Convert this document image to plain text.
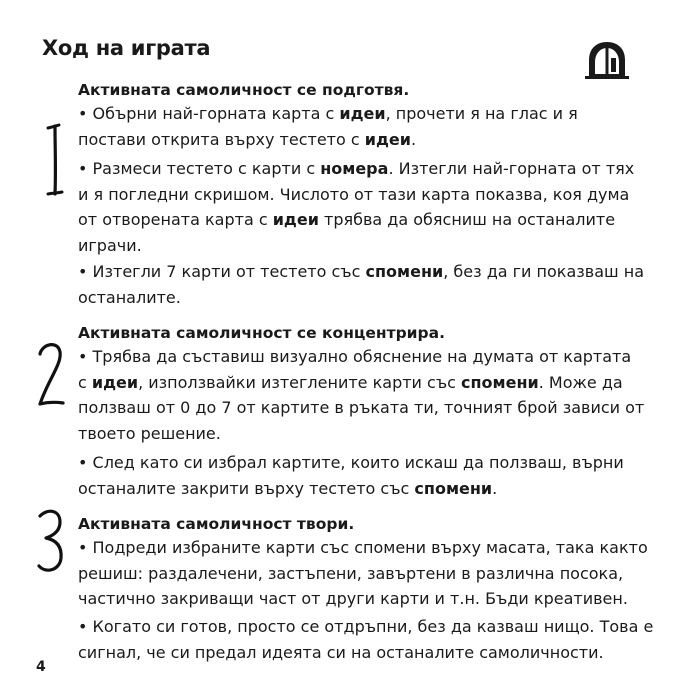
Ход на играта
Активната самоличност се подготвя.
• Обърни най-горната карта с идеи, прочети я на глас и я
постави открита върху тестето с идеи.
• Размеси тестето с карти с номера. Изтегли най-горната от тях
и я погледни скришом. Числото от тази карта показва, коя дума
от отворената карта с идеи трябва да обясниш на останалите
играчи.
• Изтегли 7 карти от тестето със спомени, без да ги показваш на
останалите.
Активната самоличност се концентрира.
• Трябва да съставиш визуално обяснение на думата от картата
с идеи, използвайки изтеглените карти със спомени. Може да
ползваш от 0 до 7 от картите в ръката ти, точният брой зависи от
твоето решение.
• След като си избрал картите, които искаш да ползваш, върни
останалите закрити върху тестето със спомени.
Активната самоличност твори.
• Подреди избраните карти със спомени върху масата, така както
решиш: раздалечени, застъпени, завъртени в различна посока,
частично закриващи част от други карти и т.н. Бъди креативен.
• Когато си готов, просто се отдръпни, без да казваш нищо. Това е
сигнал, че си предал идеята си на останалите самоличности.
4
